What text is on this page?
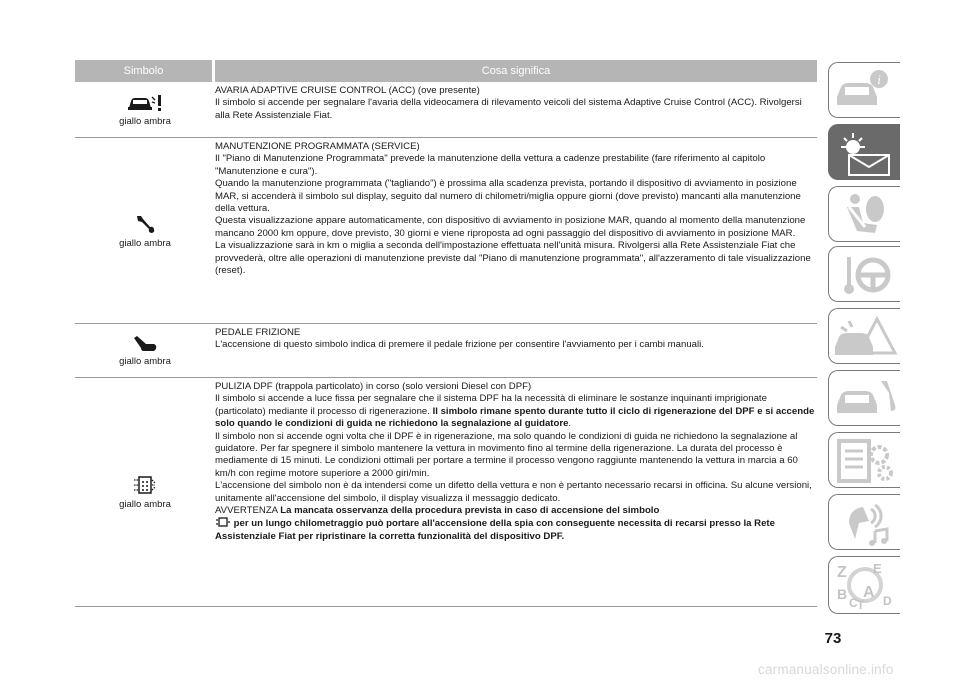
Simbolo	Cosa significa
giallo ambra

AVARIA ADAPTIVE CRUISE CONTROL (ACC) (ove presente)

Il simbolo si accende per segnalare l'avaria della videocamera di rilevamento veicoli del sistema Adaptive Cruise Control (ACC). Rivolgersi alla Rete Assistenziale Fiat.

giallo ambra

MANUTENZIONE PROGRAMMATA (SERVICE)

Il "Piano di Manutenzione Programmata" prevede la manutenzione della vettura a cadenze prestabilite (fare riferimento al capitolo "Manutenzione e cura").

Quando la manutenzione programmata ("tagliando") è prossima alla scadenza prevista, portando il dispositivo di avviamento in posizione MAR, si accenderà il simbolo sul display, seguito dal numero di chilometri/miglia oppure giorni (dove previsto) mancanti alla manutenzione della vettura.

Questa visualizzazione appare automaticamente, con dispositivo di avviamento in posizione MAR, quando al momento della manutenzione mancano 2000 km oppure, dove previsto, 30 giorni e viene riproposta ad ogni passaggio del dispositivo di avviamento in posizione MAR.

La visualizzazione sarà in km o miglia a seconda dell'impostazione effettuata nell'unità misura. Rivolgersi alla Rete Assistenziale Fiat che provvederà, oltre alle operazioni di manutenzione previste dal "Piano di manutenzione programmata", all'azzeramento di tale visualizzazione (reset).

giallo ambra

PEDALE FRIZIONE

L'accensione di questo simbolo indica di premere il pedale frizione per consentire l'avviamento per i cambi manuali.

giallo ambra

PULIZIA DPF (trappola particolato) in corso (solo versioni Diesel con DPF)

Il simbolo si accende a luce fissa per segnalare che il sistema DPF ha la necessità di eliminare le sostanze inquinanti imprigionate (particolato) mediante il processo di rigenerazione. Il simbolo rimane spento durante tutto il ciclo di rigenerazione del DPF e si accende solo quando le condizioni di guida ne richiedono la segnalazione al guidatore.

Il simbolo non si accende ogni volta che il DPF è in rigenerazione, ma solo quando le condizioni di guida ne richiedono la segnalazione al guidatore. Per far spegnere il simbolo mantenere la vettura in movimento fino al termine della rigenerazione. La durata del processo è mediamente di 15 minuti. Le condizioni ottimali per portare a termine il processo vengono raggiunte mantenendo la vettura in marcia a 60 km/h con regime motore superiore a 2000 giri/min.

L'accensione del simbolo non è da intendersi come un difetto della vettura e non è pertanto necessario recarsi in officina. Su alcune versioni, unitamente all'accensione del simbolo, il display visualizza il messaggio dedicato.

AVVERTENZA La mancata osservanza della procedura prevista in caso di accensione del simbolo
per un lungo chilometraggio può portare all'accensione della spia con conseguente necessita di recarsi presso la Rete Assistenziale Fiat per ripristinare la corretta funzionalità del dispositivo DPF.

i
Z E
B A
C T D
73
carmanualsonline.info
